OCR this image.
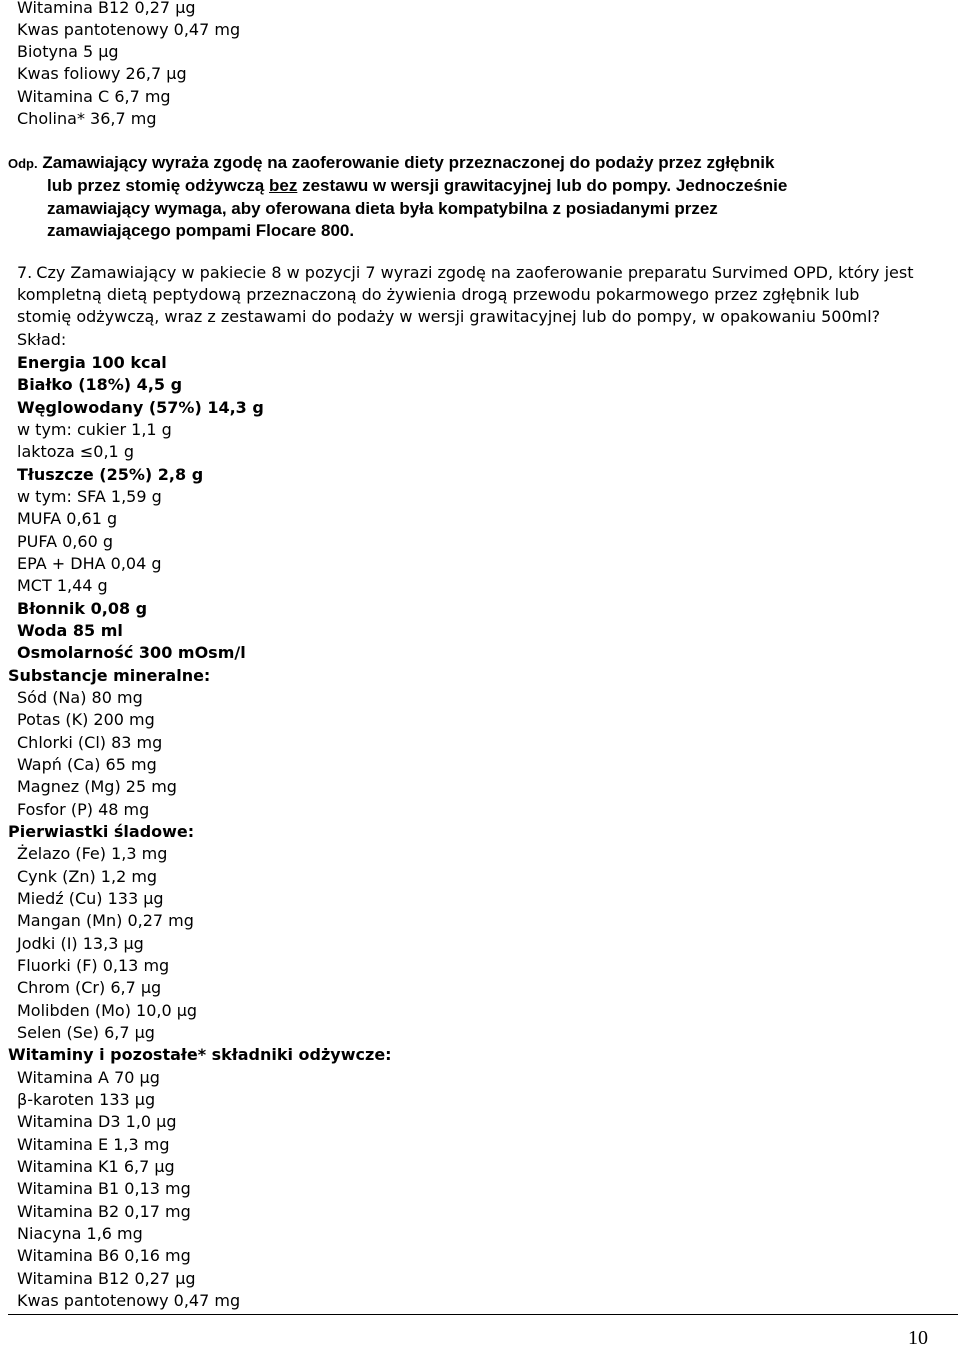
Witamina B12 0,27 µg
Kwas pantotenowy 0,47 mg
Biotyna 5 µg
Kwas foliowy 26,7 µg
Witamina C 6,7 mg
Cholina* 36,7 mg
Odp. Zamawiający wyraża zgodę na zaoferowanie diety przeznaczonej do podaży przez zgłębnik
lub przez stomię odżywczą bez zestawu w wersji grawitacyjnej lub do pompy. Jednocześnie
zamawiający wymaga, aby oferowana dieta była kompatybilna z posiadanymi przez
zamawiającego pompami Flocare 800.
7. Czy Zamawiający w pakiecie 8 w pozycji 7 wyrazi zgodę na zaoferowanie preparatu Survimed OPD, który jest
kompletną dietą peptydową przeznaczoną do żywienia drogą przewodu pokarmowego przez zgłębnik lub
stomię odżywczą, wraz z zestawami do podaży w wersji grawitacyjnej lub do pompy, w opakowaniu 500ml?
Skład:
Energia 100 kcal
Białko (18%) 4,5 g
Węglowodany (57%) 14,3 g
w tym: cukier 1,1 g
laktoza ≤0,1 g
Tłuszcze (25%) 2,8 g
w tym: SFA 1,59 g
MUFA 0,61 g
PUFA 0,60 g
EPA + DHA 0,04 g
MCT 1,44 g
Błonnik 0,08 g
Woda 85 ml
Osmolarność 300 mOsm/l
Substancje mineralne:
Sód (Na) 80 mg
Potas (K) 200 mg
Chlorki (Cl) 83 mg
Wapń (Ca) 65 mg
Magnez (Mg) 25 mg
Fosfor (P) 48 mg
Pierwiastki śladowe:
Żelazo (Fe) 1,3 mg
Cynk (Zn) 1,2 mg
Miedź (Cu) 133 µg
Mangan (Mn) 0,27 mg
Jodki (I) 13,3 µg
Fluorki (F) 0,13 mg
Chrom (Cr) 6,7 µg
Molibden (Mo) 10,0 µg
Selen (Se) 6,7 µg
Witaminy i pozostałe* składniki odżywcze:
Witamina A 70 µg
β-karoten 133 µg
Witamina D3 1,0 µg
Witamina E 1,3 mg
Witamina K1 6,7 µg
Witamina B1 0,13 mg
Witamina B2 0,17 mg
Niacyna 1,6 mg
Witamina B6 0,16 mg
Witamina B12 0,27 µg
Kwas pantotenowy 0,47 mg
10
